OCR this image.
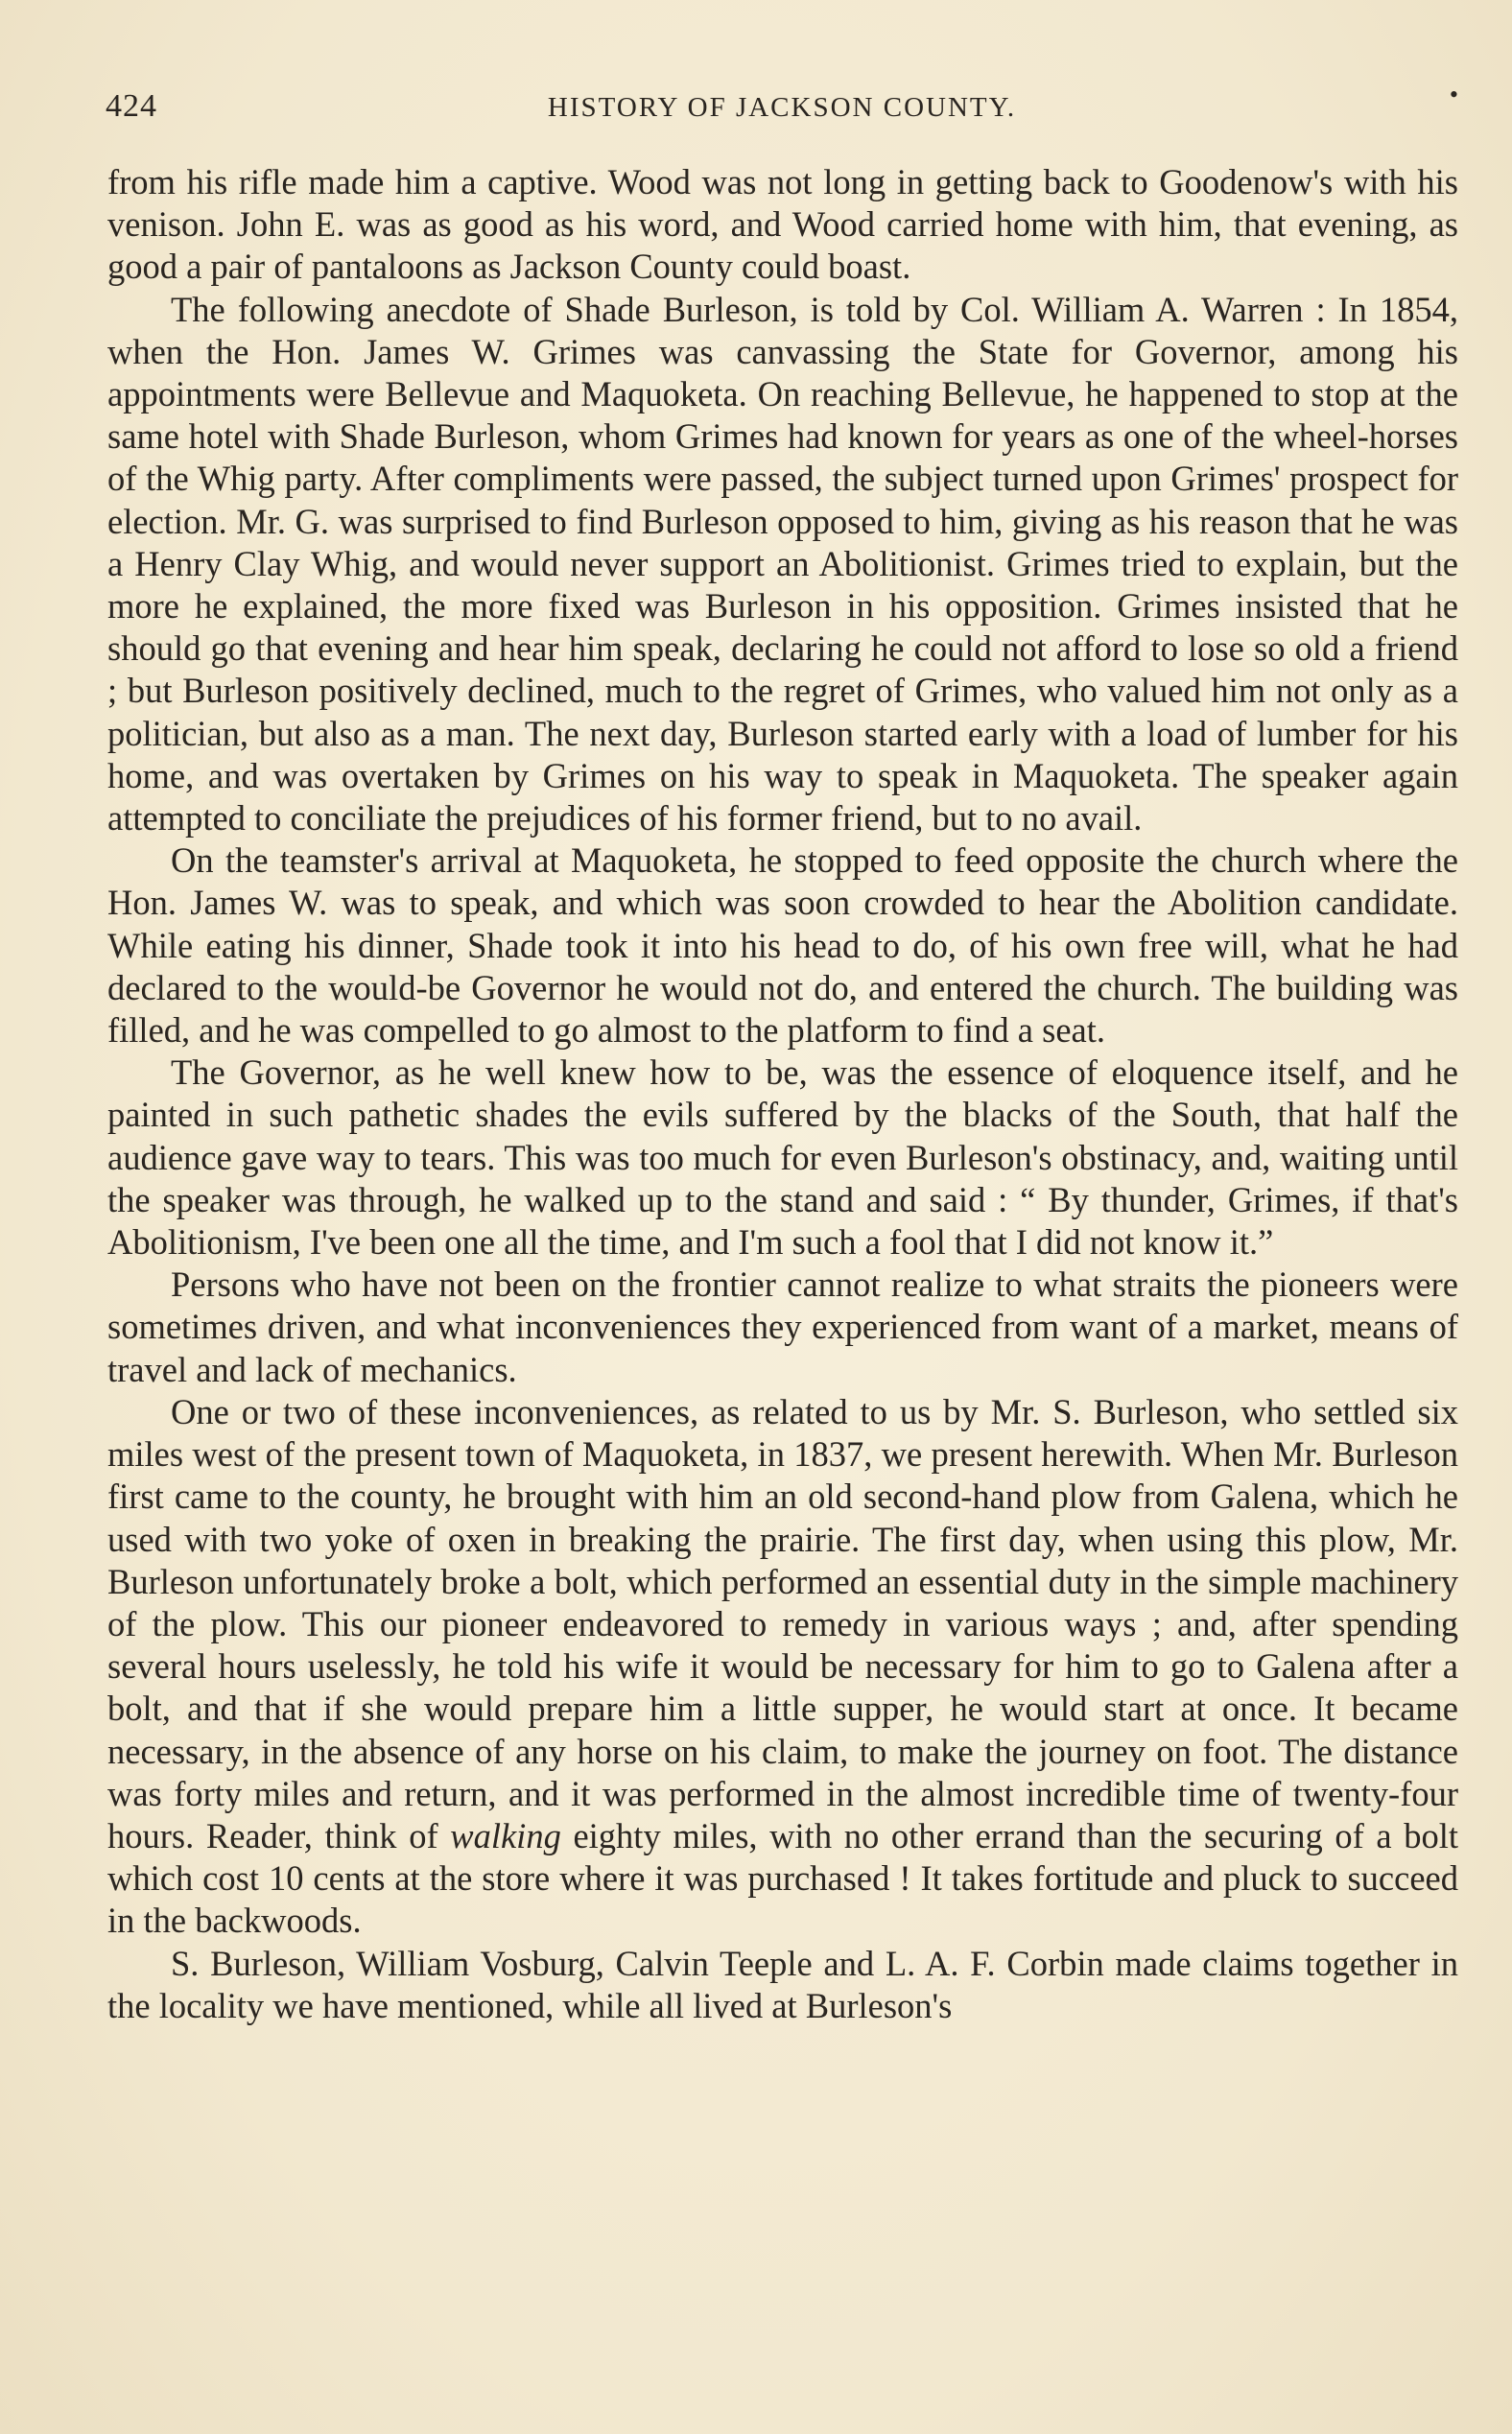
424	HISTORY OF JACKSON COUNTY.	•

from his rifle made him a captive. Wood was not long in getting back to Goodenow's with his venison. John E. was as good as his word, and Wood carried home with him, that evening, as good a pair of pantaloons as Jackson County could boast.

The following anecdote of Shade Burleson, is told by Col. William A. Warren : In 1854, when the Hon. James W. Grimes was canvassing the State for Governor, among his appointments were Bellevue and Maquoketa. On reaching Bellevue, he happened to stop at the same hotel with Shade Burleson, whom Grimes had known for years as one of the wheel-horses of the Whig party. After compliments were passed, the subject turned upon Grimes' prospect for election. Mr. G. was surprised to find Burleson opposed to him, giving as his reason that he was a Henry Clay Whig, and would never support an Abolitionist. Grimes tried to explain, but the more he explained, the more fixed was Burleson in his opposition. Grimes insisted that he should go that evening and hear him speak, declaring he could not afford to lose so old a friend ; but Burleson positively declined, much to the regret of Grimes, who valued him not only as a politician, but also as a man. The next day, Burleson started early with a load of lumber for his home, and was overtaken by Grimes on his way to speak in Maquoketa. The speaker again attempted to conciliate the prejudices of his former friend, but to no avail.

On the teamster's arrival at Maquoketa, he stopped to feed opposite the church where the Hon. James W. was to speak, and which was soon crowded to hear the Abolition candidate. While eating his dinner, Shade took it into his head to do, of his own free will, what he had declared to the would-be Governor he would not do, and entered the church. The building was filled, and he was compelled to go almost to the platform to find a seat.

The Governor, as he well knew how to be, was the essence of eloquence itself, and he painted in such pathetic shades the evils suffered by the blacks of the South, that half the audience gave way to tears. This was too much for even Burleson's obstinacy, and, waiting until the speaker was through, he walked up to the stand and said : “ By thunder, Grimes, if that's Abolitionism, I've been one all the time, and I'm such a fool that I did not know it.”

Persons who have not been on the frontier cannot realize to what straits the pioneers were sometimes driven, and what inconveniences they experienced from want of a market, means of travel and lack of mechanics.

One or two of these inconveniences, as related to us by Mr. S. Burleson, who settled six miles west of the present town of Maquoketa, in 1837, we present herewith. When Mr. Burleson first came to the county, he brought with him an old second-hand plow from Galena, which he used with two yoke of oxen in breaking the prairie. The first day, when using this plow, Mr. Burleson unfortunately broke a bolt, which performed an essential duty in the simple machinery of the plow. This our pioneer endeavored to remedy in various ways ; and, after spending several hours uselessly, he told his wife it would be necessary for him to go to Galena after a bolt, and that if she would prepare him a little supper, he would start at once. It became necessary, in the absence of any horse on his claim, to make the journey on foot. The distance was forty miles and return, and it was performed in the almost incredible time of twenty-four hours. Reader, think of walking eighty miles, with no other errand than the securing of a bolt which cost 10 cents at the store where it was purchased ! It takes fortitude and pluck to succeed in the backwoods.

S. Burleson, William Vosburg, Calvin Teeple and L. A. F. Corbin made claims together in the locality we have mentioned, while all lived at Burleson's
